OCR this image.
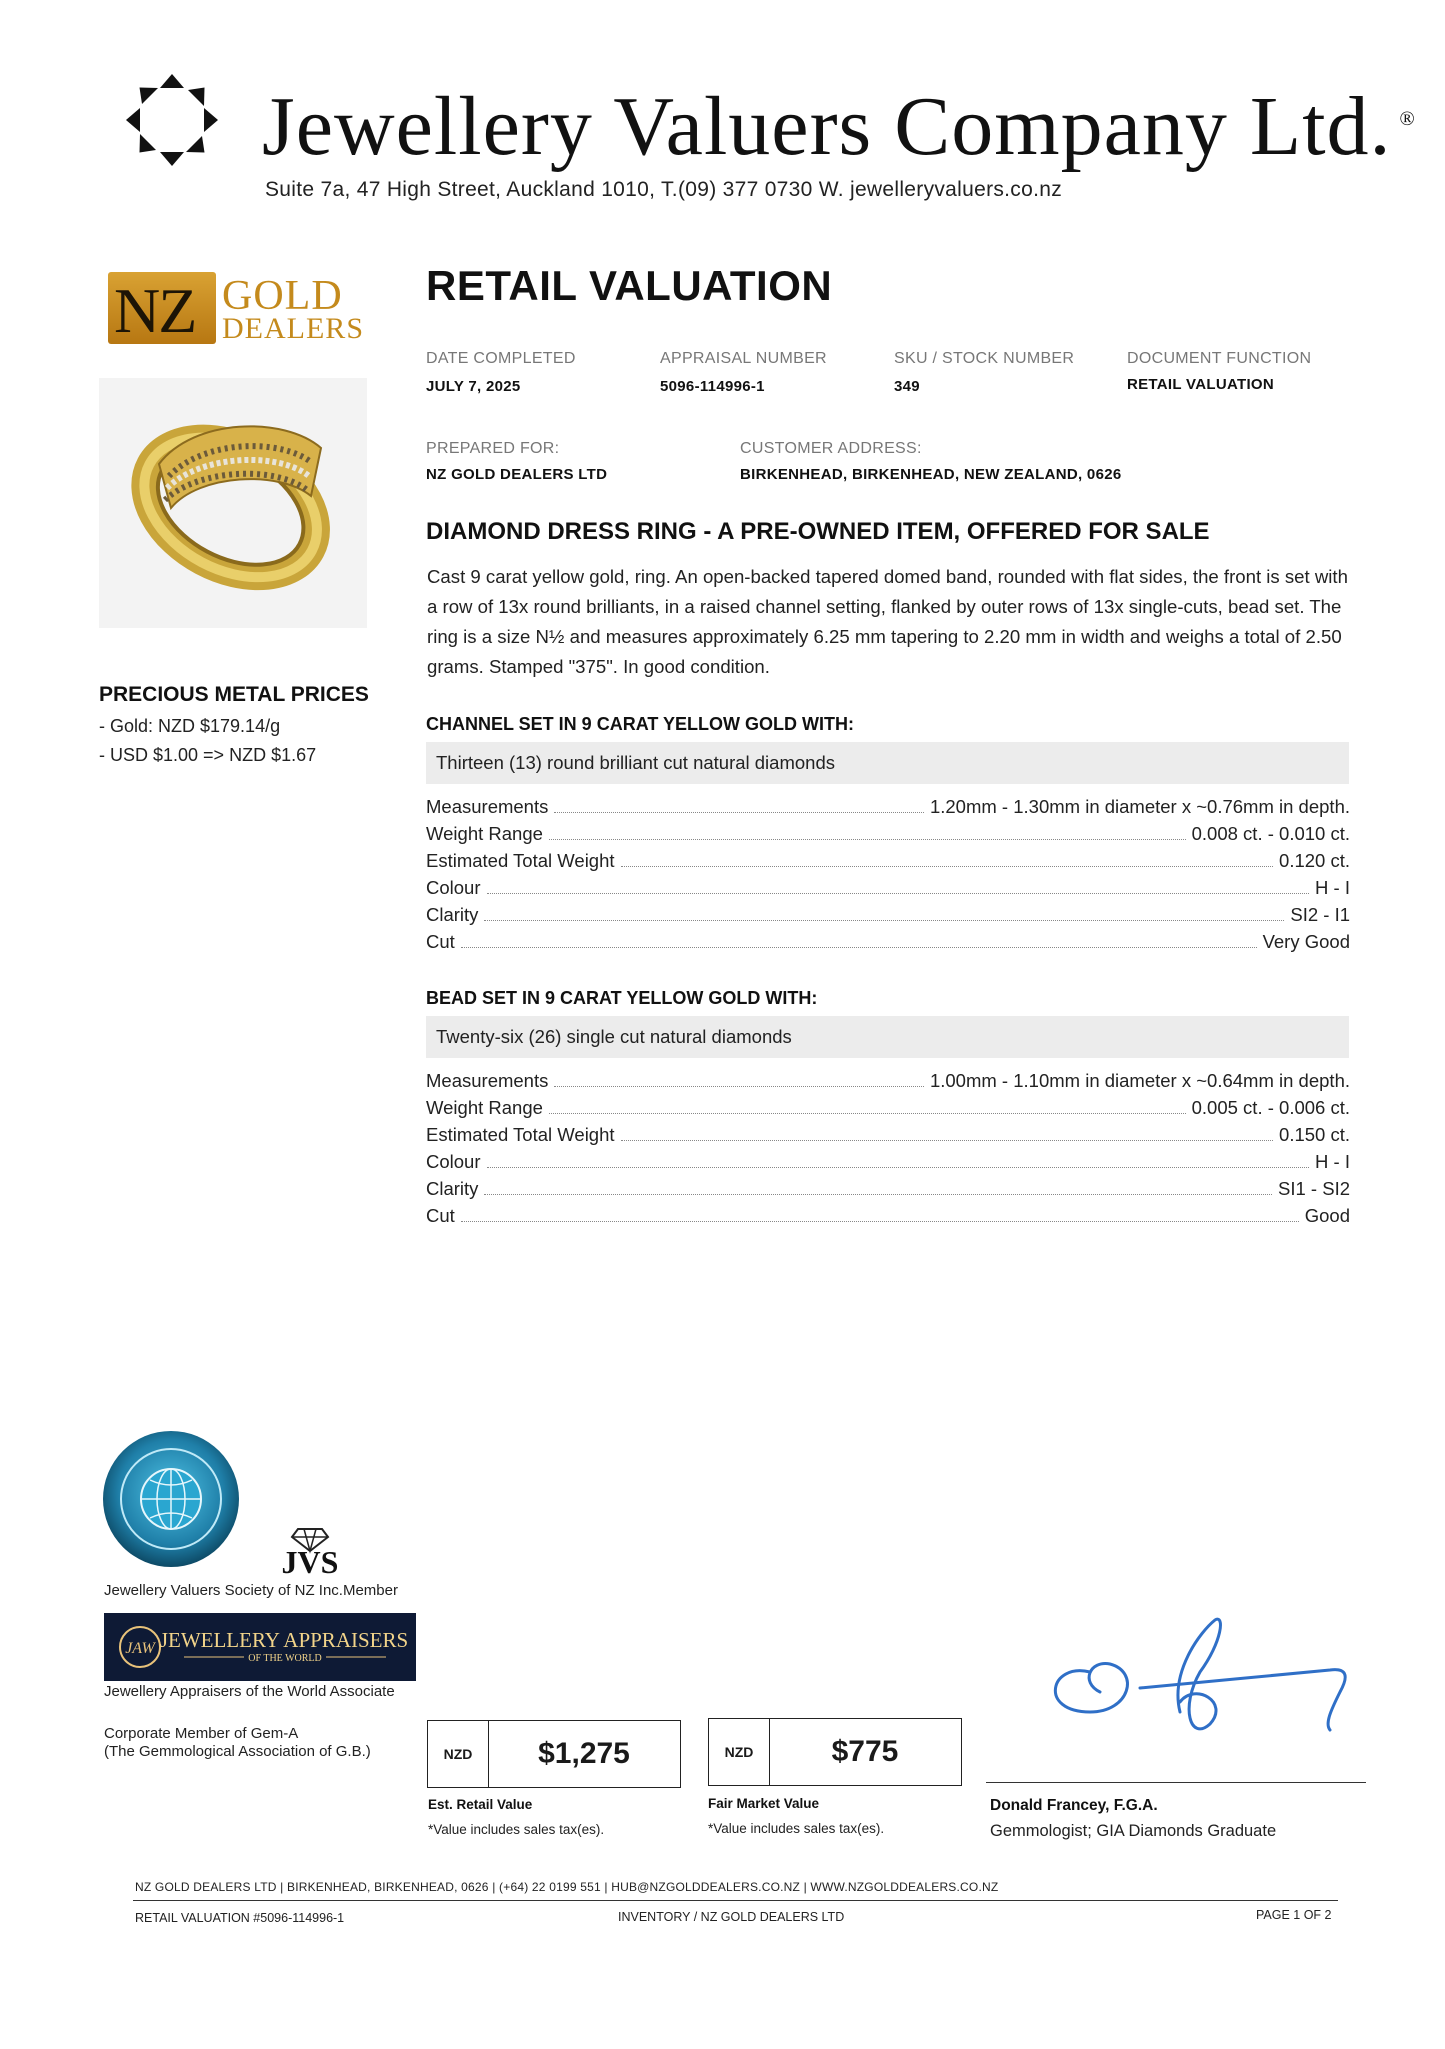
Jewellery Valuers Company Ltd. ®
Suite 7a, 47 High Street, Auckland 1010, T.(09) 377 0730 W. jewelleryvaluers.co.nz
NZ GOLD
DEALERS
PRECIOUS METAL PRICES
- Gold: NZD $179.14/g
- USD $1.00 => NZD $1.67
RETAIL VALUATION
DATE COMPLETED
JULY 7, 2025
APPRAISAL NUMBER
5096-114996-1
SKU / STOCK NUMBER
349
DOCUMENT FUNCTION
RETAIL VALUATION
PREPARED FOR:
NZ GOLD DEALERS LTD
CUSTOMER ADDRESS:
BIRKENHEAD, BIRKENHEAD, NEW ZEALAND, 0626
DIAMOND DRESS RING - A PRE-OWNED ITEM, OFFERED FOR SALE
Cast 9 carat yellow gold, ring. An open-backed tapered domed band, rounded with flat sides, the front is set with a row of 13x round brilliants, in a raised channel setting, flanked by outer rows of 13x single-cuts, bead set. The ring is a size N½ and measures approximately 6.25 mm tapering to 2.20 mm in width and weighs a total of 2.50 grams. Stamped "375". In good condition.
CHANNEL SET IN 9 CARAT YELLOW GOLD WITH:
Thirteen (13) round brilliant cut natural diamonds
Measurements	1.20mm - 1.30mm in diameter x ~0.76mm in depth.
Weight Range	0.008 ct. - 0.010 ct.
Estimated Total Weight	0.120 ct.
Colour	H - I
Clarity	SI2 - I1
Cut	Very Good
BEAD SET IN 9 CARAT YELLOW GOLD WITH:
Twenty-six (26) single cut natural diamonds
Measurements	1.00mm - 1.10mm in diameter x ~0.64mm in depth.
Weight Range	0.005 ct. - 0.006 ct.
Estimated Total Weight	0.150 ct.
Colour	H - I
Clarity	SI1 - SI2
Cut	Good
JVS
Jewellery Valuers Society of NZ Inc.Member
JAW JEWELLERY APPRAISERS
OF THE WORLD
Jewellery Appraisers of the World Associate
Corporate Member of Gem-A
(The Gemmological Association of G.B.)	NZD	$1,275
Est. Retail Value
*Value includes sales tax(es).
NZD	$775
Fair Market Value
*Value includes sales tax(es).
Donald Francey, F.G.A.
Gemmologist; GIA Diamonds Graduate
NZ GOLD DEALERS LTD | BIRKENHEAD, BIRKENHEAD, 0626 | (+64) 22 0199 551 | HUB@NZGOLDDEALERS.CO.NZ | WWW.NZGOLDDEALERS.CO.NZ
RETAIL VALUATION #5096-114996-1	INVENTORY / NZ GOLD DEALERS LTD	PAGE 1 OF 2
